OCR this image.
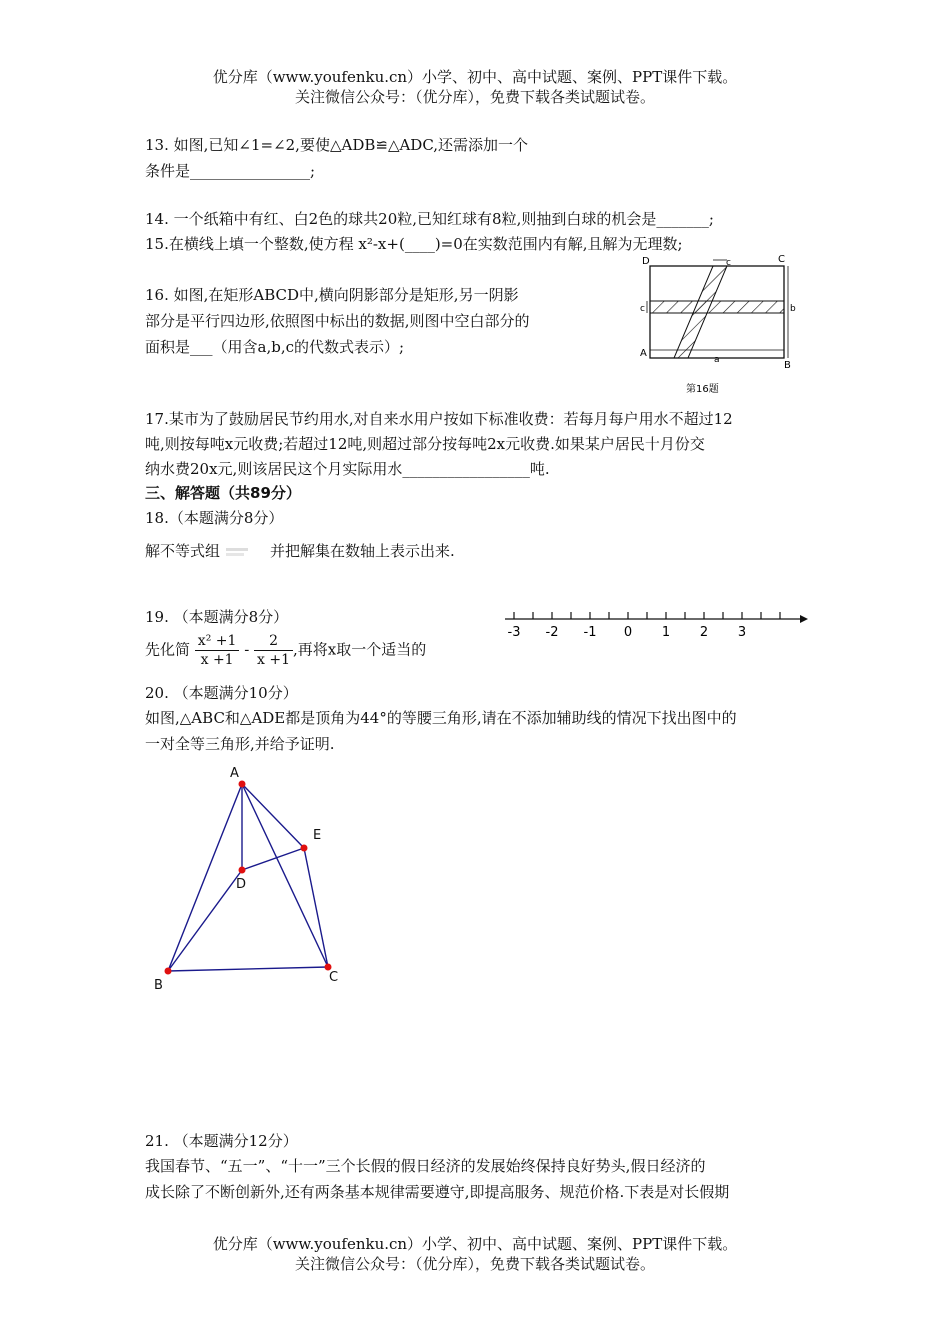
优分库（www.youfenku.cn）小学、初中、高中试题、案例、PPT课件下载。
关注微信公众号：（优分库），免费下载各类试题试卷。
13. 如图,已知∠1=∠2,要使△ADB≌△ADC,还需添加一个
条件是________________;
14. 一个纸箱中有红、白2色的球共20粒,已知红球有8粒,则抽到白球的机会是_______;
15.在横线上填一个整数,使方程 x²-x+(____)=0在实数范围内有解,且解为无理数;
16. 如图,在矩形ABCD中,横向阴影部分是矩形,另一阴影
部分是平行四边形,依照图中标出的数据,则图中空白部分的
面积是___（用含a,b,c的代数式表示）;
D	C
A
B
c
c	b
a
第16题
17.某市为了鼓励居民节约用水,对自来水用户按如下标准收费：若每月每户用水不超过12
吨,则按每吨x元收费;若超过12吨,则超过部分按每吨2x元收费.如果某户居民十月份交
纳水费20x元,则该居民这个月实际用水_________________吨.
三、解答题（共89分）
18.（本题满分8分）
解不等式组	并把解集在数轴上表示出来.
19. （本题满分8分）
先化简 $\frac{\text{x² +1}}{x +1} - \frac{2}{x +1}$ ,再将x取一个适当的
-3 -2 -1 0 1 2 3
20. （本题满分10分）
如图,△ABC和△ADE都是顶角为44°的等腰三角形,请在不添加辅助线的情况下找出图中的
一对全等三角形,并给予证明.
A
B
C
D
E
21. （本题满分12分）
我国春节、“五一”、“十一”三个长假的假日经济的发展始终保持良好势头,假日经济的
成长除了不断创新外,还有两条基本规律需要遵守,即提高服务、规范价格.下表是对长假期
优分库（www.youfenku.cn）小学、初中、高中试题、案例、PPT课件下载。
关注微信公众号：（优分库），免费下载各类试题试卷。
